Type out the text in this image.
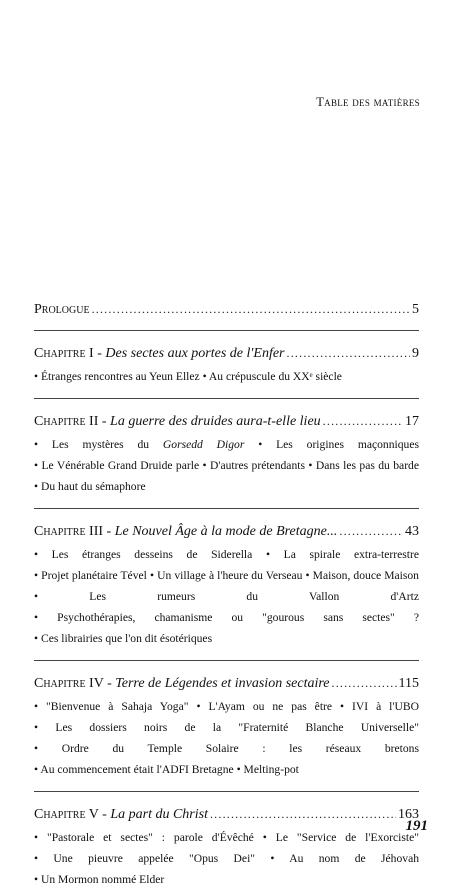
Table des matières
Prologue .....	5
Chapitre I - Des sectes aux portes de l'Enfer .....	9
• Étranges rencontres au Yeun Ellez • Au crépuscule du XXᵉ siècle
Chapitre II - La guerre des druides aura-t-elle lieu .....	17
• Les mystères du Gorsedd Digor • Les origines maçonniques • Le Vénérable Grand Druide parle • D'autres prétendants • Dans les pas du barde • Du haut du sémaphore
Chapitre III - Le Nouvel Âge à la mode de Bretagne... .....	43
• Les étranges desseins de Siderella • La spirale extra-terrestre • Projet planétaire Tével • Un village à l'heure du Verseau • Maison, douce Maison • Les rumeurs du Vallon d'Artz • Psychothérapies, chamanisme ou "gourous sans sectes" ? • Ces librairies que l'on dit ésotériques
Chapitre IV - Terre de Légendes et invasion sectaire .....	115
• "Bienvenue à Sahaja Yoga" • L'Ayam ou ne pas être • IVI à l'UBO • Les dossiers noirs de la "Fraternité Blanche Universelle" • Ordre du Temple Solaire : les réseaux bretons • Au commencement était l'ADFI Bretagne • Melting-pot
Chapitre V - La part du Christ .....	163
• "Pastorale et sectes" : parole d'Évêché • Le "Service de l'Exorciste" • Une pieuvre appelée "Opus Dei" • Au nom de Jéhovah • Un Mormon nommé Elder
191
